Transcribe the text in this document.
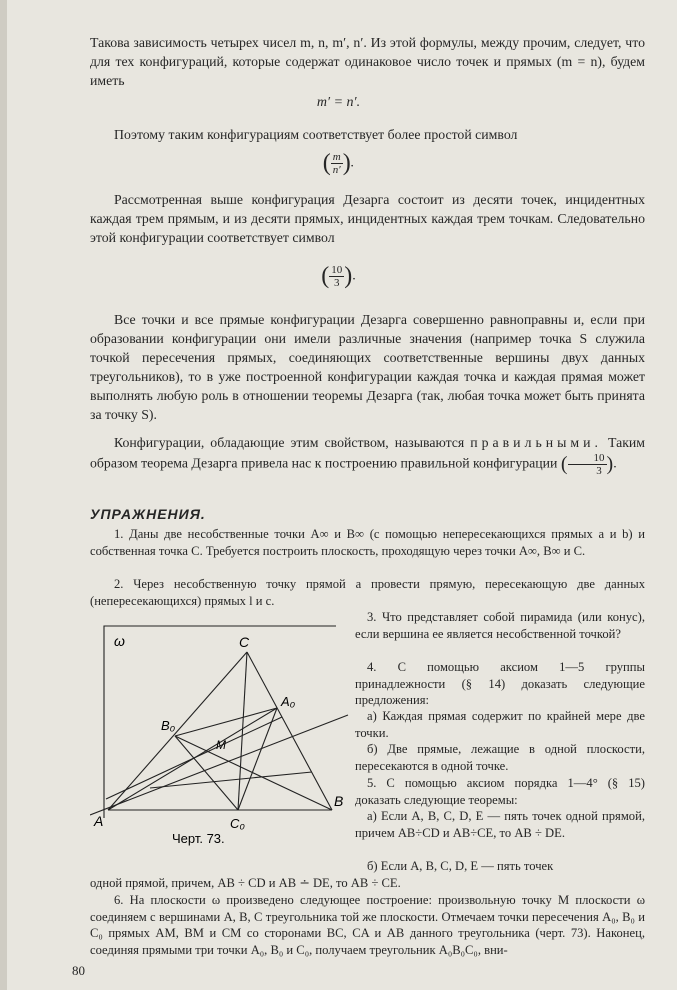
Такова зависимость четырех чисел m, n, m′, n′. Из этой формулы, между прочим, следует, что для тех конфигураций, которые содержат одинаковое число точек и прямых (m = n), будем иметь
m′ = n′.
Поэтому таким конфигурациям соответствует более простой символ
( $\frac{m}{n'}$ ).
Рассмотренная выше конфигурация Дезарга состоит из десяти точек, инцидентных каждая трем прямым, и из десяти прямых, инцидентных каждая трем точкам. Следовательно этой конфигурации соответствует символ
( $\frac{10}{3}$ ).
Все точки и все прямые конфигурации Дезарга совершенно равноправны и, если при образовании конфигурации они имели различные значения (например точка S служила точкой пересечения прямых, соединяющих соответственные вершины двух данных треугольников), то в уже построенной конфигурации каждая точка и каждая прямая может выполнять любую роль в отношении теоремы Дезарга (так, любая точка может быть принята за точку S).
Конфигурации, обладающие этим свойством, называются правильными. Таким образом теорема Дезарга привела нас к построению правильной конфигурации ( $\frac{10}{3}$ ).
УПРАЖНЕНИЯ.
1. Даны две несобственные точки A∞ и B∞ (с помощью непересекающихся прямых a и b) и собственная точка C. Требуется построить плоскость, проходящую через точки A∞, B∞ и C.
2. Через несобственную точку прямой a провести прямую, пересекающую две данных (непересекающихся) прямых l и c.
3. Что представляет собой пирамида (или конус), если вершина ее является несобственной точкой?
4. С помощью аксиом 1—5 группы принадлежности (§ 14) доказать следующие предложения:
а) Каждая прямая содержит по крайней мере две точки.
б) Две прямые, лежащие в одной плоскости, пересекаются в одной точке.
5. С помощью аксиом порядка 1—4° (§ 15) доказать следующие теоремы:
а) Если A, B, C, D, E — пять точек одной прямой, причем AB÷CD и AB÷CE, то AB ÷ DE.
б) Если A, B, C, D, E — пять точек
одной прямой, причем, AB ÷ CD и AB ∸ DE, то AB ÷ CE.
6. На плоскости ω произведено следующее построение: произвольную точку M плоскости ω соединяем с вершинами A, B, C треугольника той же плоскости. Отмечаем точки пересечения A₀, B₀ и C₀ прямых AM, BM и CM со сторонами BC, CA и AB данного треугольника (черт. 73). Наконец, соединяя прямыми три точки A₀, B₀ и C₀, получаем треугольник A₀B₀C₀, вни-
ω	C
A₀
B₀
M
A
B
C₀
Черт. 73.
80
